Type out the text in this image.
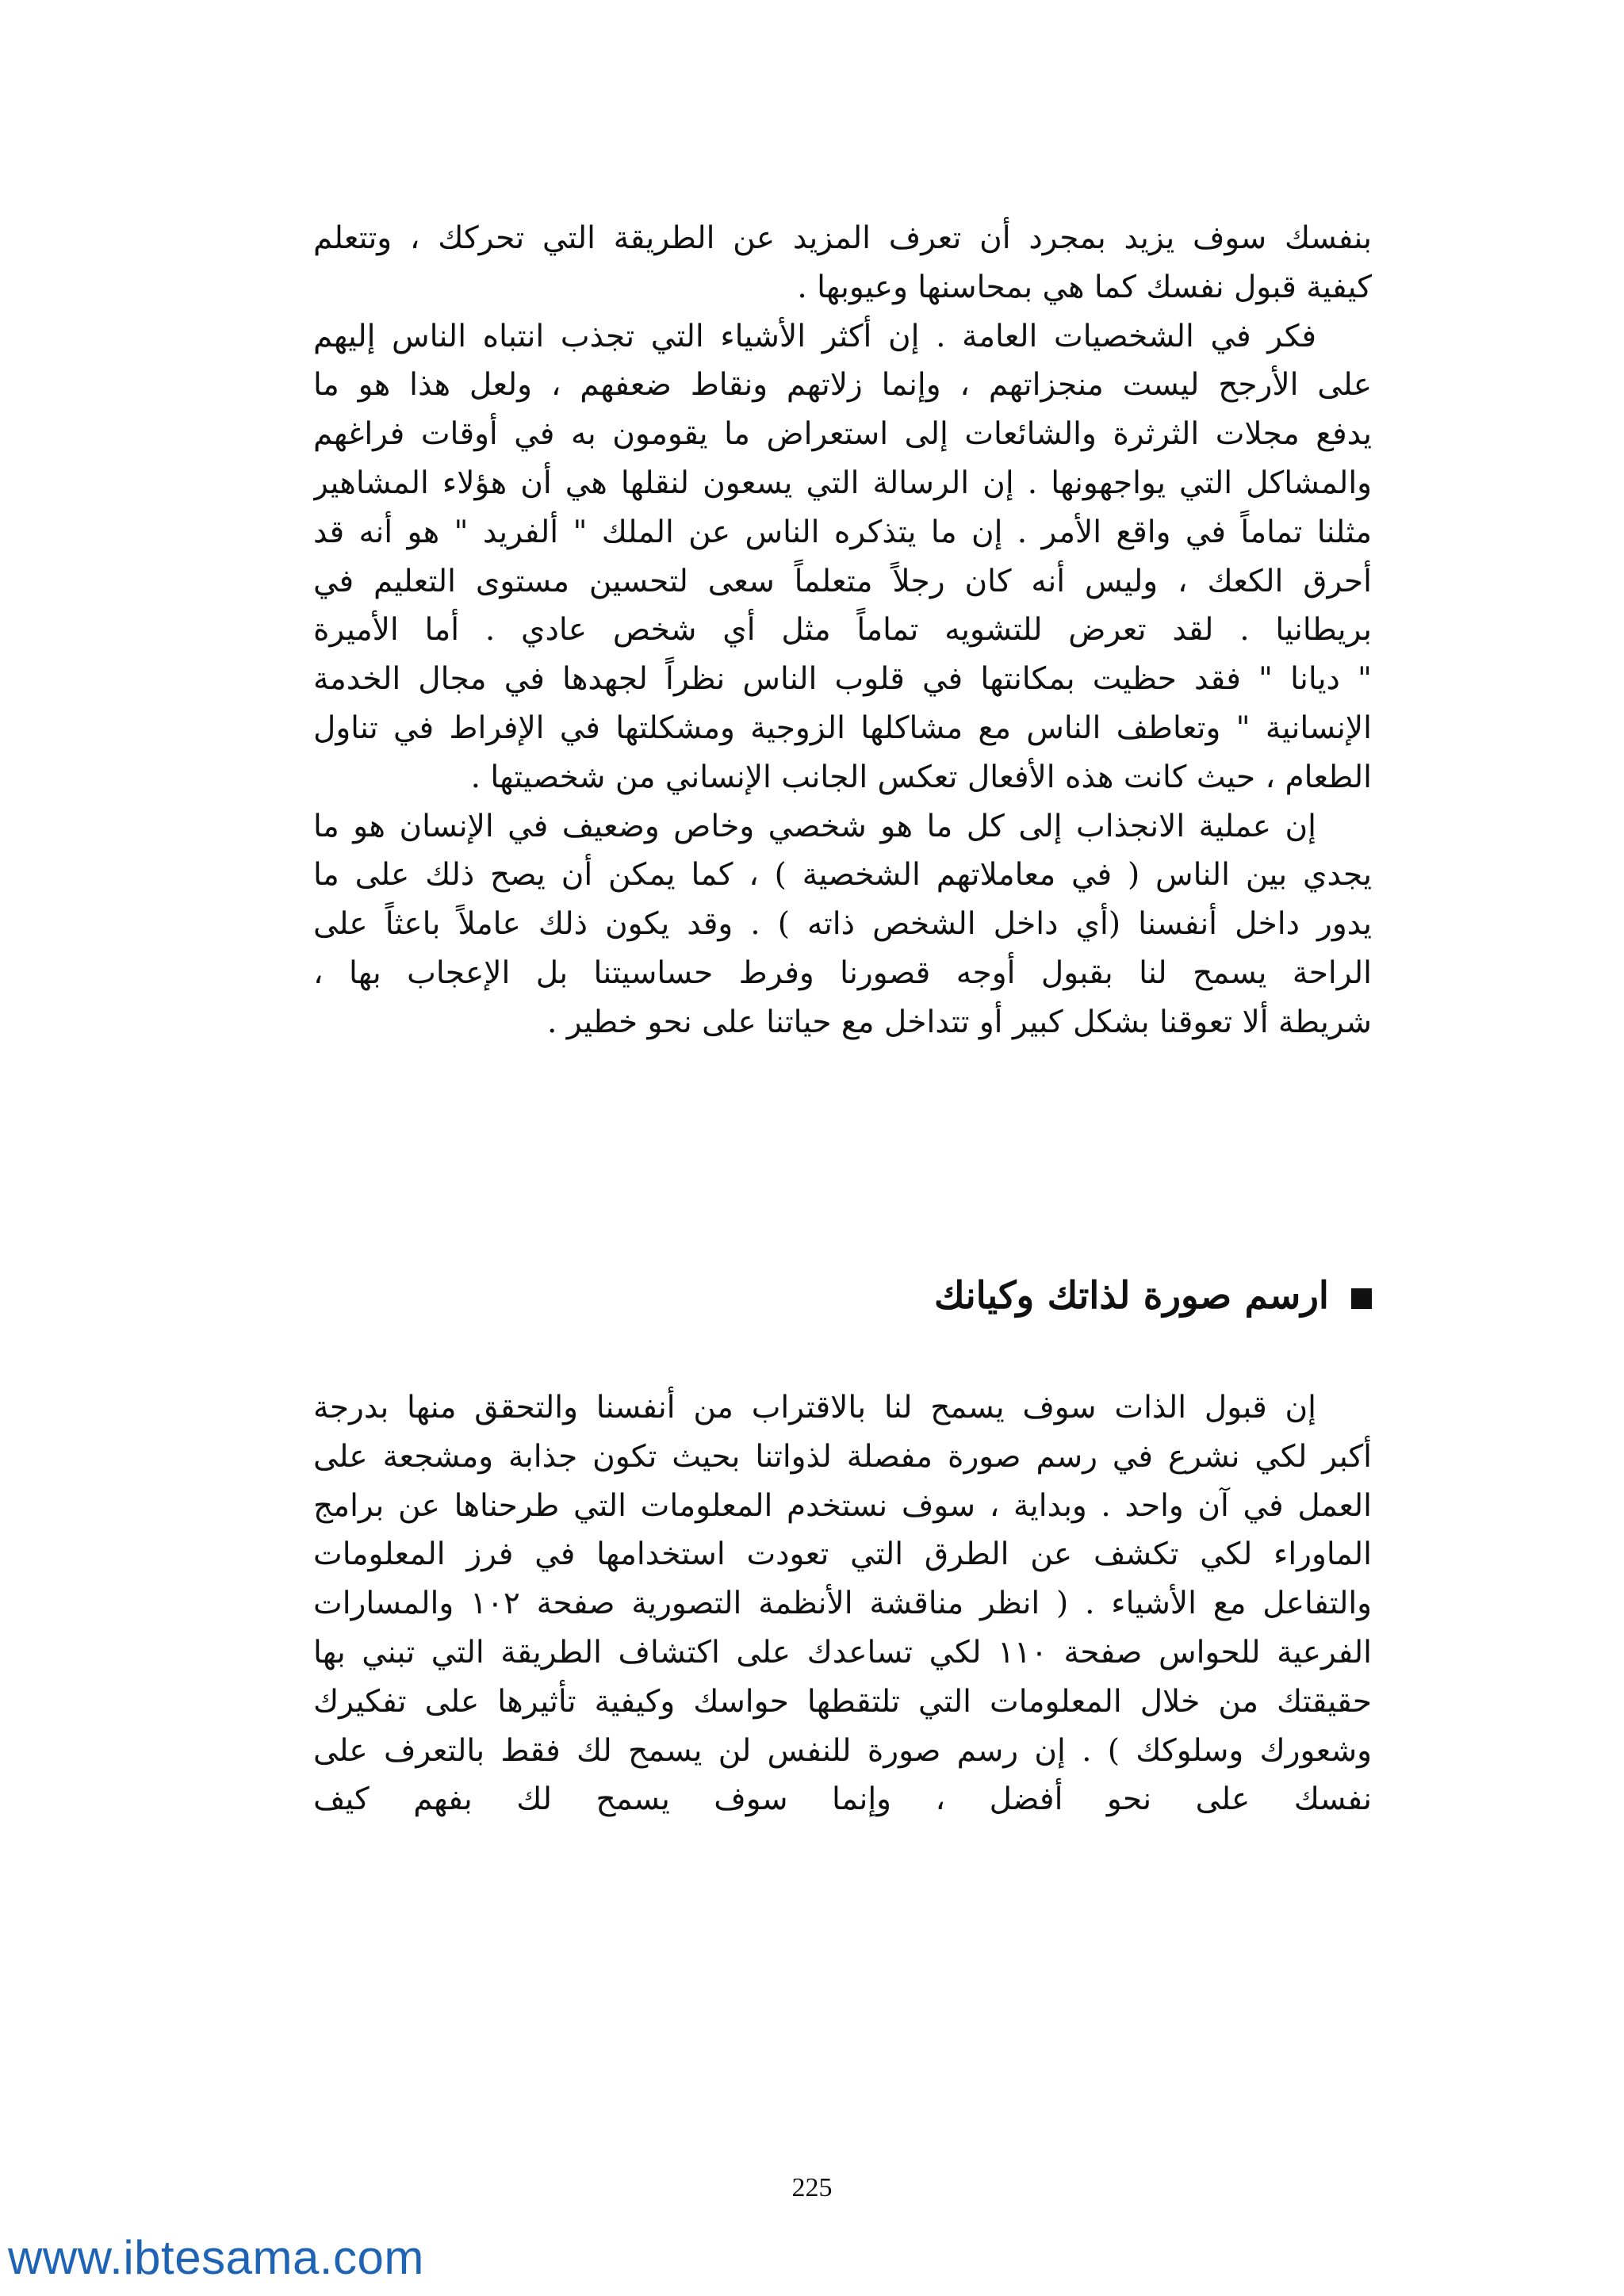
بنفسك سوف يزيد بمجرد أن تعرف المزيد عن الطريقة التي تحركك ، وتتعلم
كيفية قبول نفسك كما هي بمحاسنها وعيوبها .
فكر في الشخصيات العامة . إن أكثر الأشياء التي تجذب انتباه الناس إليهم
على الأرجح ليست منجزاتهم ، وإنما زلاتهم ونقاط ضعفهم ، ولعل هذا هو ما
يدفع مجلات الثرثرة والشائعات إلى استعراض ما يقومون به في أوقات فراغهم
والمشاكل التي يواجهونها . إن الرسالة التي يسعون لنقلها هي أن هؤلاء المشاهير
مثلنا تماماً في واقع الأمر . إن ما يتذكره الناس عن الملك " ألفريد " هو أنه قد
أحرق الكعك ، وليس أنه كان رجلاً متعلماً سعى لتحسين مستوى التعليم في
بريطانيا . لقد تعرض للتشويه تماماً مثل أي شخص عادي . أما الأميرة
" ديانا " فقد حظيت بمكانتها في قلوب الناس نظراً لجهدها في مجال الخدمة
الإنسانية " وتعاطف الناس مع مشاكلها الزوجية ومشكلتها في الإفراط في تناول
الطعام ، حيث كانت هذه الأفعال تعكس الجانب الإنساني من شخصيتها .
إن عملية الانجذاب إلى كل ما هو شخصي وخاص وضعيف في الإنسان هو ما
يجدي بين الناس ( في معاملاتهم الشخصية ) ، كما يمكن أن يصح ذلك على ما
يدور داخل أنفسنا (أي داخل الشخص ذاته ) . وقد يكون ذلك عاملاً باعثاً على
الراحة يسمح لنا بقبول أوجه قصورنا وفرط حساسيتنا بل الإعجاب بها ،
شريطة ألا تعوقنا بشكل كبير أو تتداخل مع حياتنا على نحو خطير .
ارسم صورة لذاتك وكيانك
إن قبول الذات سوف يسمح لنا بالاقتراب من أنفسنا والتحقق منها بدرجة
أكبر لكي نشرع في رسم صورة مفصلة لذواتنا بحيث تكون جذابة ومشجعة على
العمل في آن واحد . وبداية ، سوف نستخدم المعلومات التي طرحناها عن برامج
الماوراء لكي تكشف عن الطرق التي تعودت استخدامها في فرز المعلومات
والتفاعل مع الأشياء . ( انظر مناقشة الأنظمة التصورية صفحة ١٠٢ والمسارات
الفرعية للحواس صفحة ١١٠ لكي تساعدك على اكتشاف الطريقة التي تبني بها
حقيقتك من خلال المعلومات التي تلتقطها حواسك وكيفية تأثيرها على تفكيرك
وشعورك وسلوكك ) . إن رسم صورة للنفس لن يسمح لك فقط بالتعرف على
نفسك على نحو أفضل ، وإنما سوف يسمح لك بفهم كيف
225
www.ibtesama.com
